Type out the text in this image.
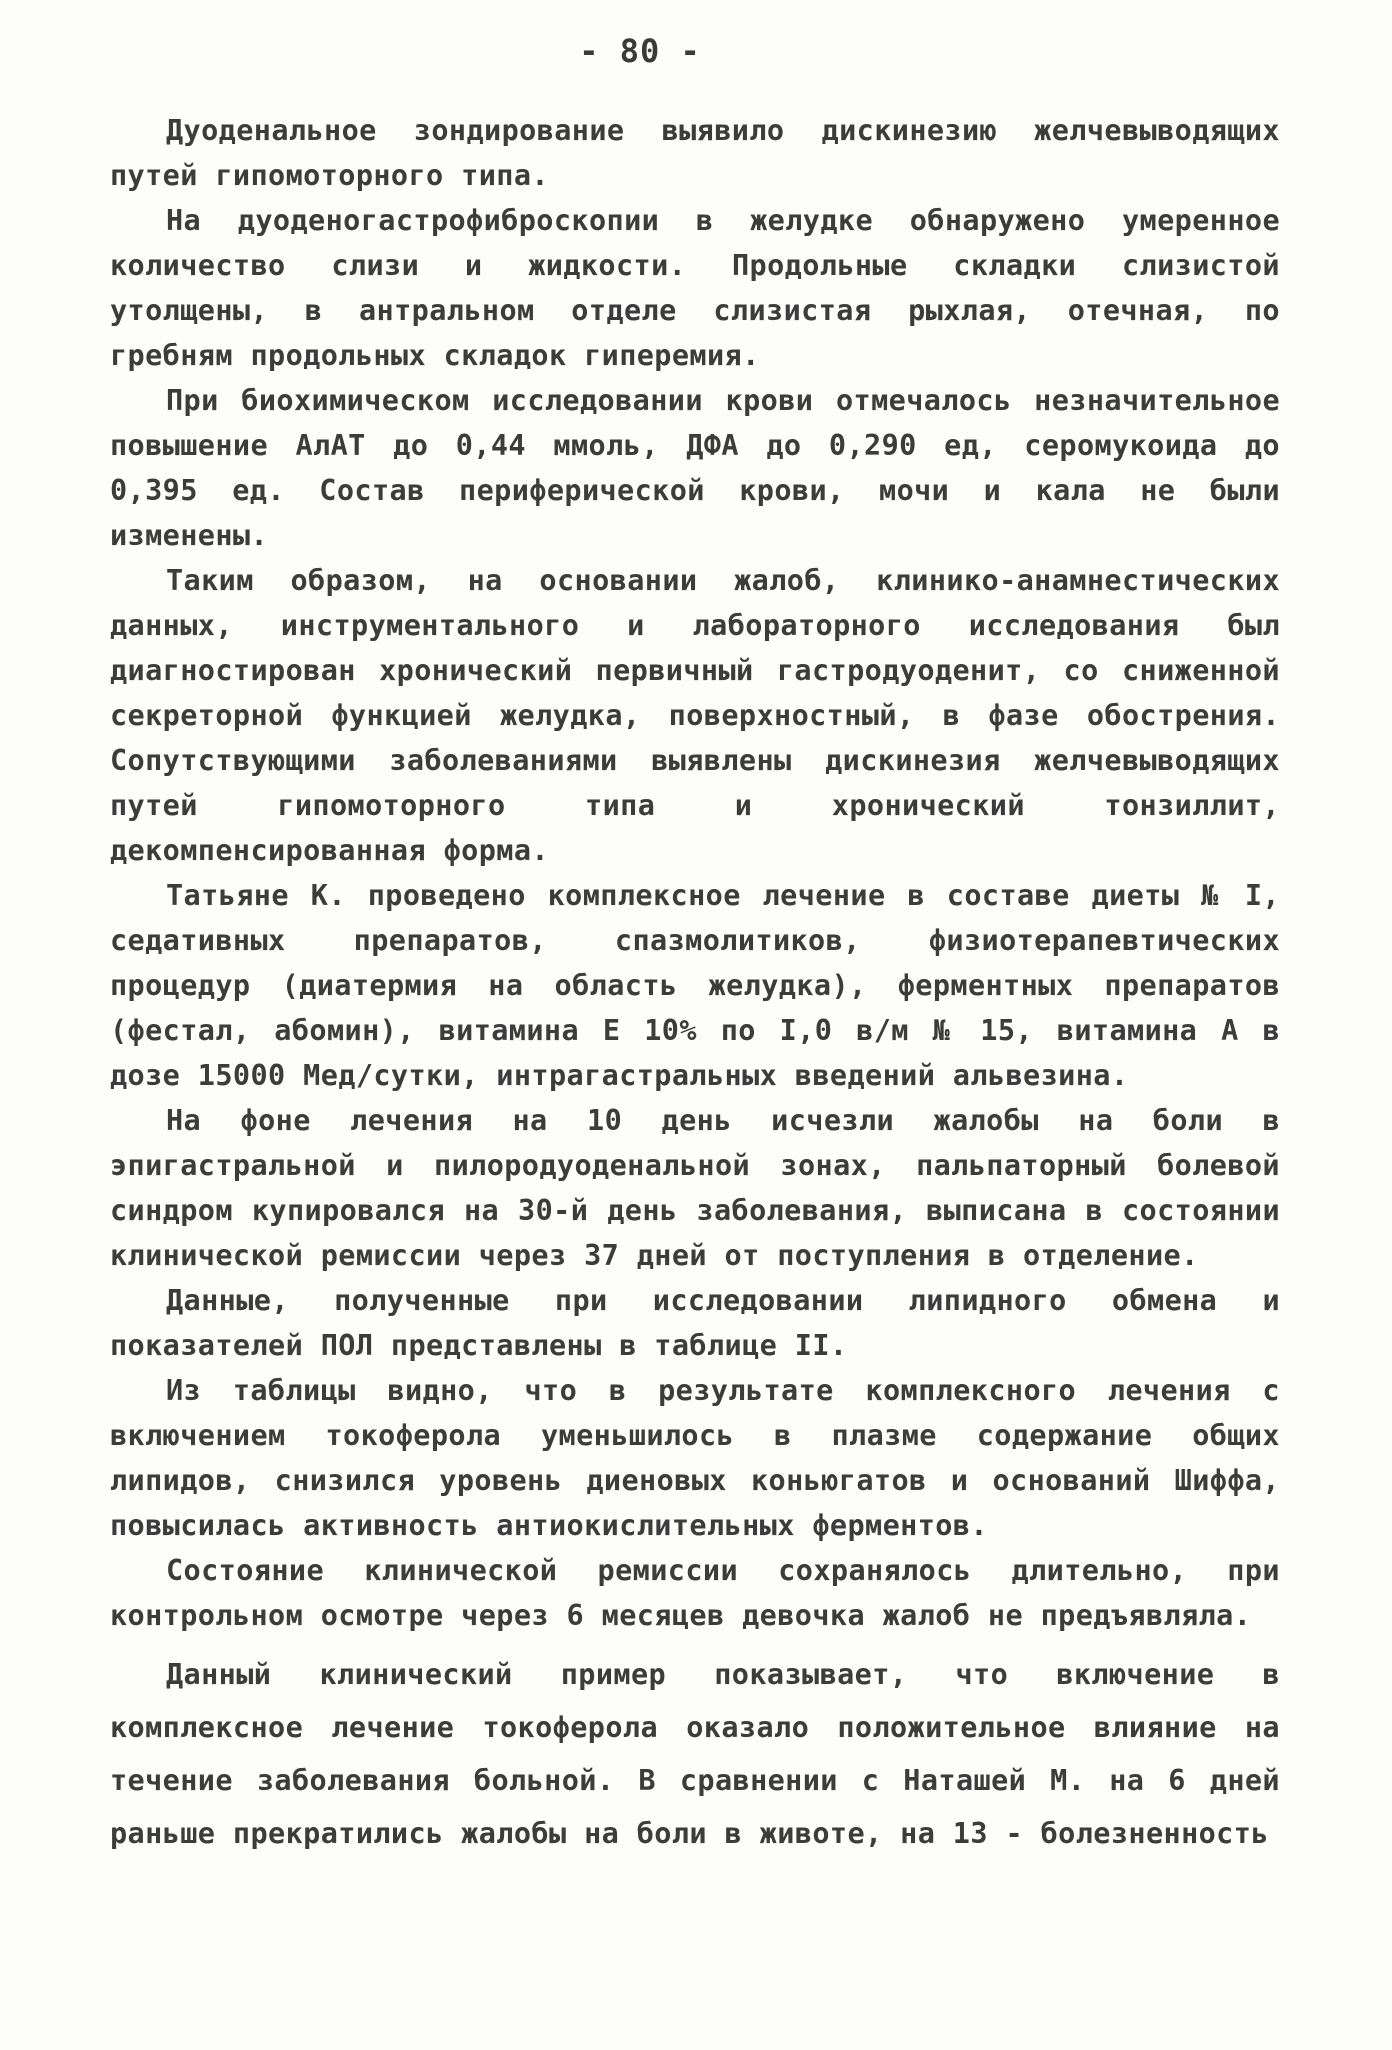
- 80 -

Дуоденальное зондирование выявило дискинезию желчевыводящих путей гипомоторного типа.

На дуоденогастрофиброскопии в желудке обнаружено умеренное количество слизи и жидкости. Продольные складки слизистой утолщены, в антральном отделе слизистая рыхлая, отечная, по гребням продольных складок гиперемия.

При биохимическом исследовании крови отмечалось незначительное повышение АлАТ до 0,44 ммоль, ДФА до 0,290 ед, серомукоида до 0,395 ед. Состав периферической крови, мочи и кала не были изменены.

Таким образом, на основании жалоб, клинико-анамнестических данных, инструментального и лабораторного исследования был диагностирован хронический первичный гастродуоденит, со сниженной секреторной функцией желудка, поверхностный, в фазе обострения. Сопутствующими заболеваниями выявлены дискинезия желчевыводящих путей гипомоторного типа и хронический тонзиллит, декомпенсированная форма.

Татьяне К. проведено комплексное лечение в составе диеты № I, седативных препаратов, спазмолитиков, физиотерапевтических процедур (диатермия на область желудка), ферментных препаратов (фестал, абомин), витамина Е 10% по I,0 в/м № 15, витамина А в дозе 15000 Мед/сутки, интрагастральных введений альвезина.

На фоне лечения на 10 день исчезли жалобы на боли в эпигастральной и пилородуоденальной зонах, пальпаторный болевой синдром купировался на 30-й день заболевания, выписана в состоянии клинической ремиссии через 37 дней от поступления в отделение.

Данные, полученные при исследовании липидного обмена и показателей ПОЛ представлены в таблице II.

Из таблицы видно, что в результате комплексного лечения с включением токоферола уменьшилось в плазме содержание общих липидов, снизился уровень диеновых коньюгатов и оснований Шиффа, повысилась активность антиокислительных ферментов.

Состояние клинической ремиссии сохранялось длительно, при контрольном осмотре через 6 месяцев девочка жалоб не предъявляла.

Данный клинический пример показывает, что включение в комплексное лечение токоферола оказало положительное влияние на течение заболевания больной. В сравнении с Наташей М. на 6 дней раньше прекратились жалобы на боли в животе, на 13 - болезненность
